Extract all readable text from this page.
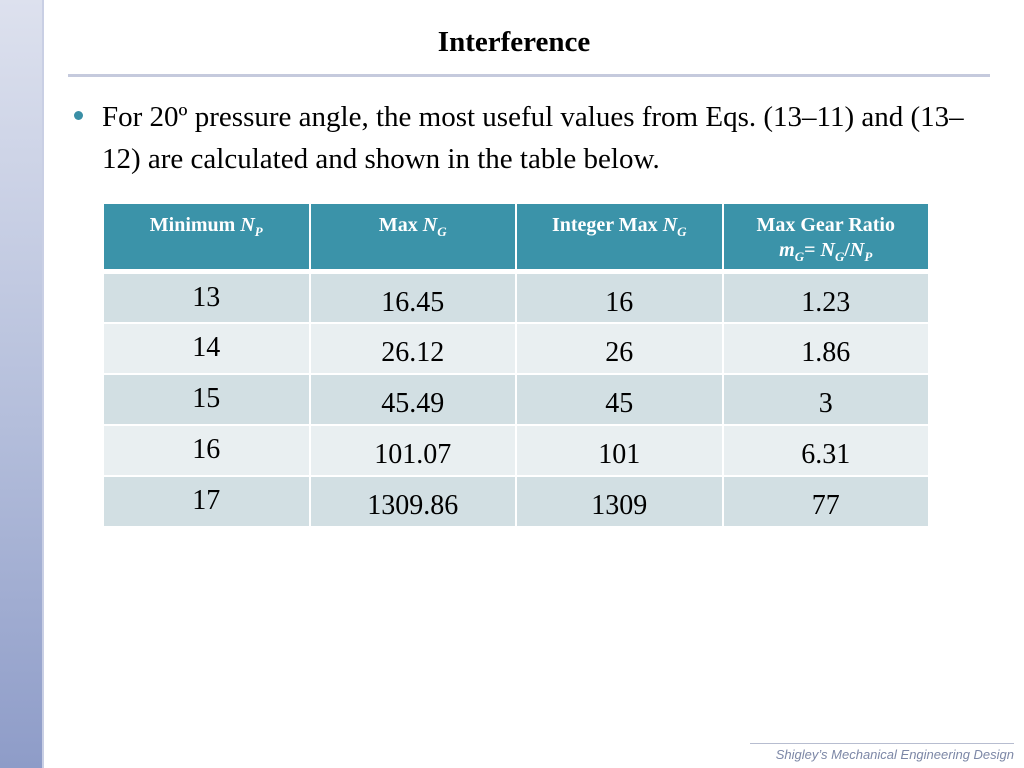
Interference
For 20º pressure angle, the most useful values from Eqs. (13–11) and (13–12) are calculated and shown in the table below.
Minimum $N_P$	Max $N_G$	Integer Max $N_G$	Max Gear Ratio
$m_G= N_G/N_P$
13	16.45	16	1.23
14	26.12	26	1.86
15	45.49	45	3
16	101.07	101	6.31
17	1309.86	1309	77
Shigley’s Mechanical Engineering Design
